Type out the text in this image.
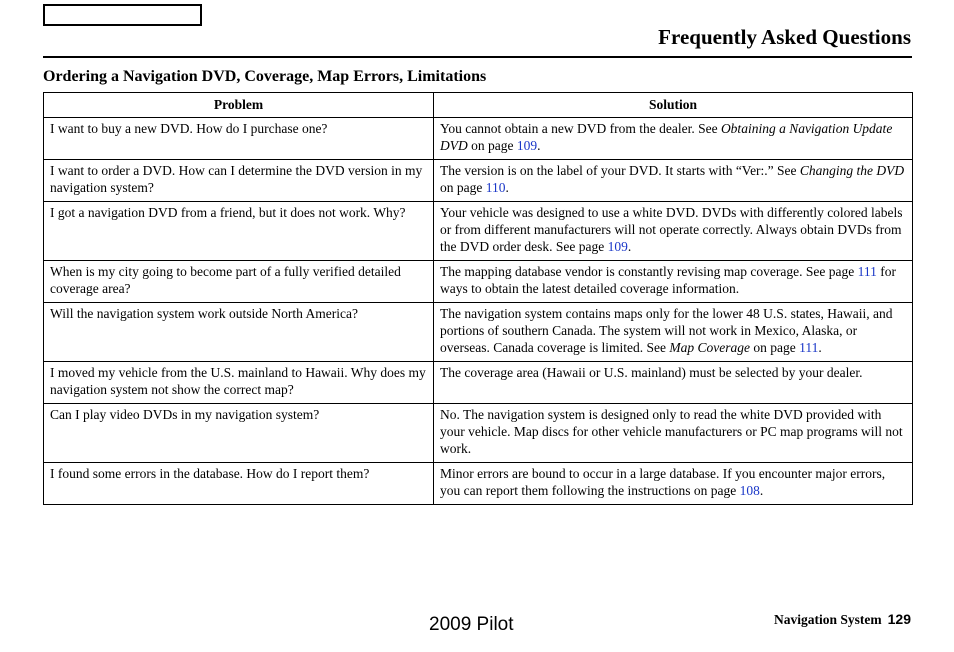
Frequently Asked Questions
Ordering a Navigation DVD, Coverage, Map Errors, Limitations
Problem	Solution
I want to buy a new DVD. How do I purchase one?	You cannot obtain a new DVD from the dealer. See Obtaining a Navigation Update DVD on page 109.
I want to order a DVD. How can I determine the DVD version in my navigation system?	The version is on the label of your DVD. It starts with “Ver:.” See Changing the DVD on page 110.
I got a navigation DVD from a friend, but it does not work. Why?	Your vehicle was designed to use a white DVD. DVDs with differently colored labels or from different manufacturers will not operate correctly. Always obtain DVDs from the DVD order desk. See page 109.
When is my city going to become part of a fully verified detailed coverage area?	The mapping database vendor is constantly revising map coverage. See page 111 for ways to obtain the latest detailed coverage information.
Will the navigation system work outside North America?	The navigation system contains maps only for the lower 48 U.S. states, Hawaii, and portions of southern Canada. The system will not work in Mexico, Alaska, or overseas. Canada coverage is limited. See Map Coverage on page 111.
I moved my vehicle from the U.S. mainland to Hawaii. Why does my navigation system not show the correct map?	The coverage area (Hawaii or U.S. mainland) must be selected by your dealer.
Can I play video DVDs in my navigation system?	No. The navigation system is designed only to read the white DVD provided with your vehicle. Map discs for other vehicle manufacturers or PC map programs will not work.
I found some errors in the database. How do I report them?	Minor errors are bound to occur in a large database. If you encounter major errors, you can report them following the instructions on page 108.
2009 Pilot	Navigation System 129
